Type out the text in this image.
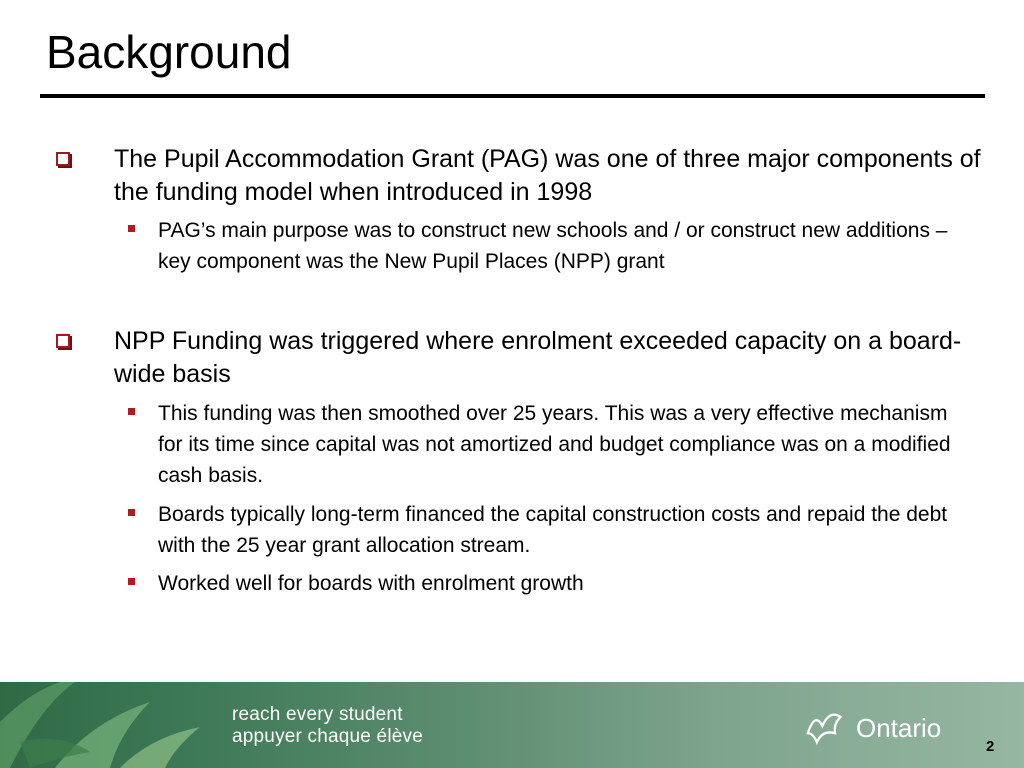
Background
The Pupil Accommodation Grant (PAG) was one of three major components of the funding model when introduced in 1998
PAG’s main purpose was to construct new schools and / or construct new additions – key component was the New Pupil Places (NPP) grant
NPP Funding was triggered where enrolment exceeded capacity on a board-wide basis
This funding was then smoothed over 25 years. This was a very effective mechanism for its time since capital was not amortized and budget compliance was on a modified cash basis.
Boards typically long-term financed the capital construction costs and repaid the debt with the 25 year grant allocation stream.
Worked well for boards with enrolment growth
reach every student
appuyer chaque élève	Ontario
2
